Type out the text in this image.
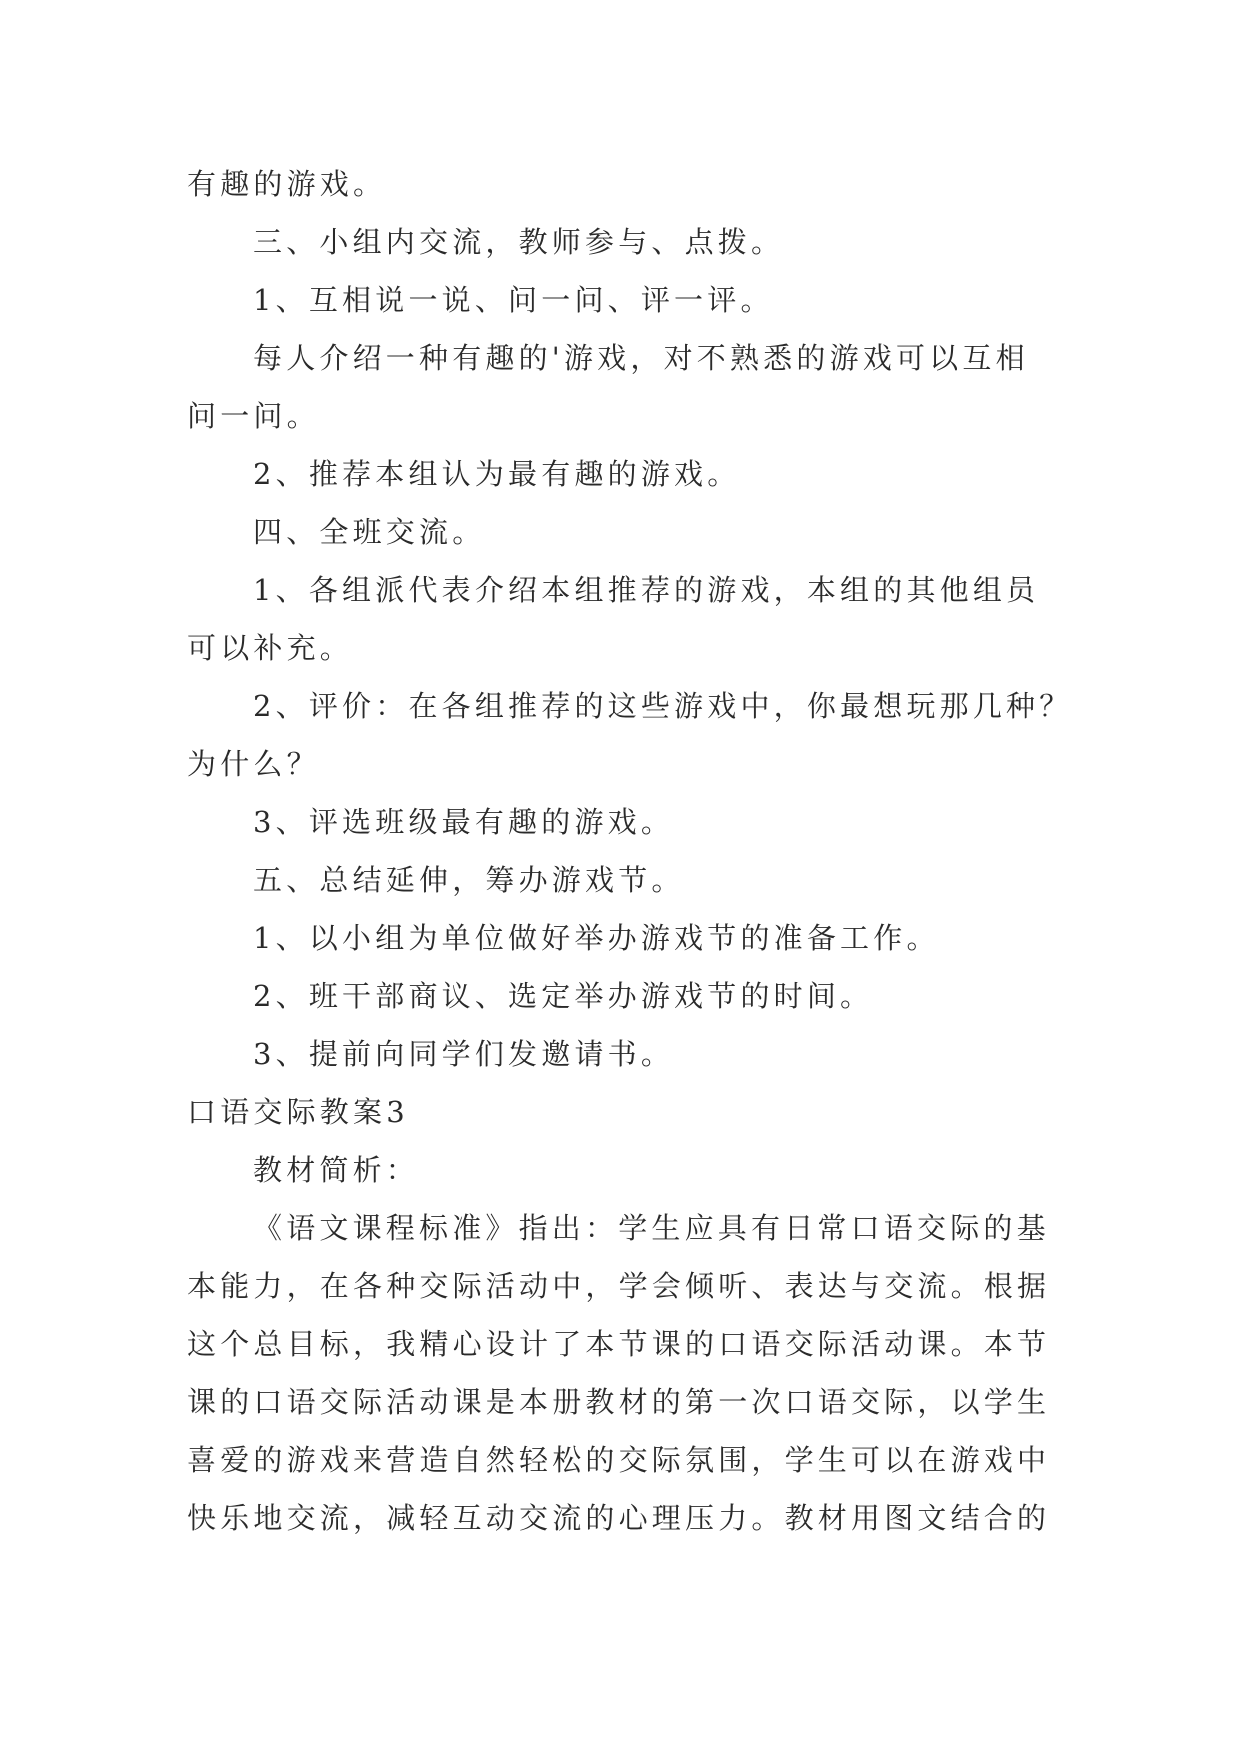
有趣的游戏。
三、小组内交流，教师参与、点拨。
1、互相说一说、问一问、评一评。
每人介绍一种有趣的'游戏，对不熟悉的游戏可以互相
问一问。
2、推荐本组认为最有趣的游戏。
四、全班交流。
1、各组派代表介绍本组推荐的游戏，本组的其他组员
可以补充。
2、评价：在各组推荐的这些游戏中，你最想玩那几种？
为什么？
3、评选班级最有趣的游戏。
五、总结延伸，筹办游戏节。
1、以小组为单位做好举办游戏节的准备工作。
2、班干部商议、选定举办游戏节的时间。
3、提前向同学们发邀请书。
口语交际教案3
教材简析：
《语文课程标准》指出：学生应具有日常口语交际的基
本能力，在各种交际活动中，学会倾听、表达与交流。根据
这个总目标，我精心设计了本节课的口语交际活动课。本节
课的口语交际活动课是本册教材的第一次口语交际，以学生
喜爱的游戏来营造自然轻松的交际氛围，学生可以在游戏中
快乐地交流，减轻互动交流的心理压力。教材用图文结合的
